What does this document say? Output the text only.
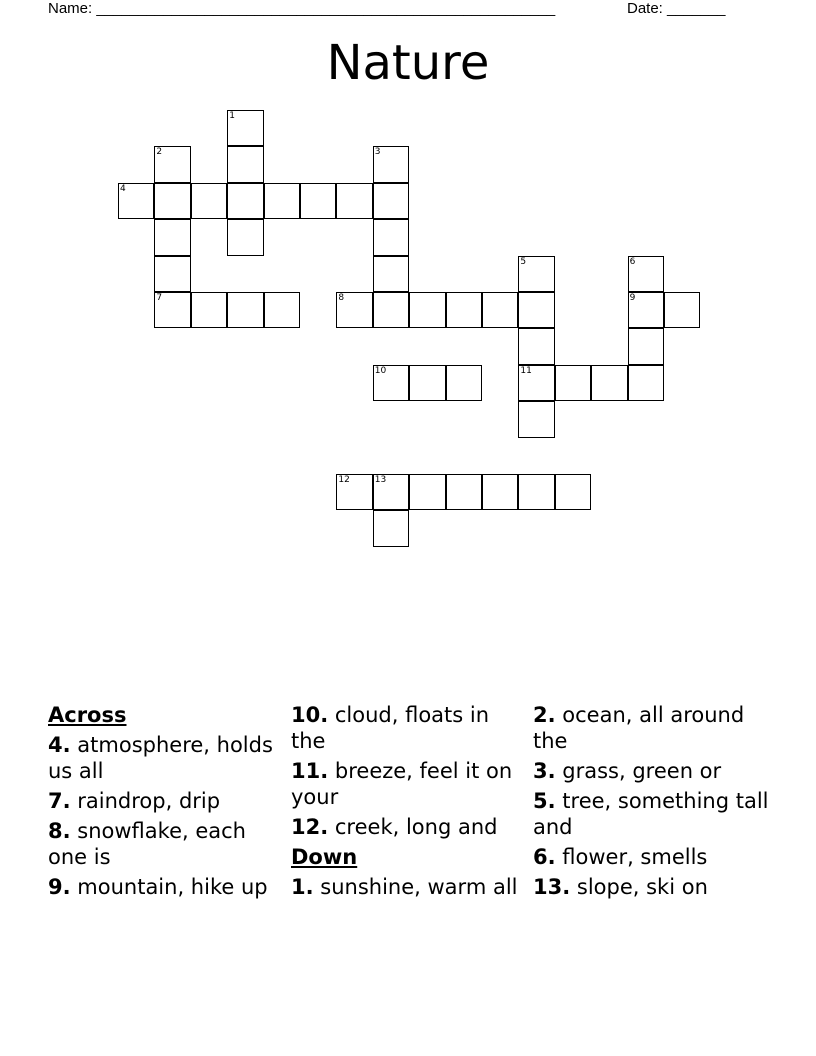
Name: _______________________________________________________	Date: _______
Nature
1
2	3
4
5	6
7	8	9
10	11
12	13
Across
4. atmosphere, holds us all
7. raindrop, drip
8. snowflake, each one is
9. mountain, hike up
10. cloud, floats in the
11. breeze, feel it on your
12. creek, long and
Down
1. sunshine, warm all
2. ocean, all around the
3. grass, green or
5. tree, something tall and
6. flower, smells
13. slope, ski on
